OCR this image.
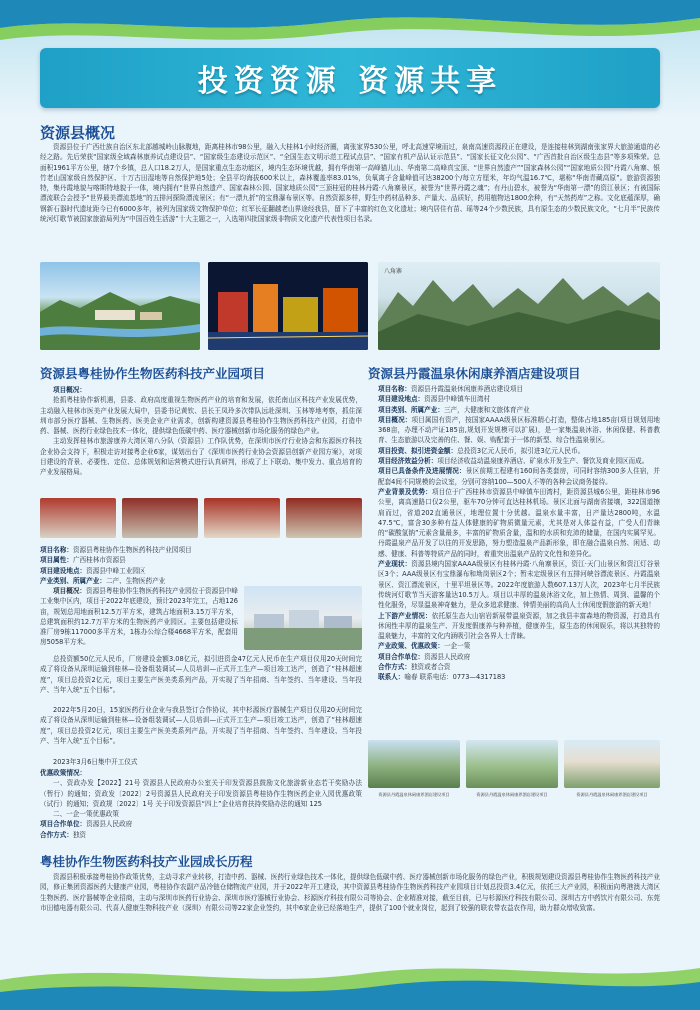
投资资源 资源共享
资源县概况
资源县位于广西壮族自治区东北部越城岭山脉腹地，距离桂林市98公里，融入大桂林1小时经济圈，离张家界530公里，呼北高速穿境而过，泉南高速资源段正在建设，是连接桂林到湖南张家界大旅游通道的必经之路。先后荣获“国家级全域森林康养试点建设县”、“国家级生态建设示范区”、“全国生态文明示范工程试点县”、“国家有机产品认证示范县”、“国家长征文化公园”、“广西首批自治区级生态县”等多项殊荣。总面积1961平方公里，辖7个乡镇，总人口18.2万人，是国家重点生态功能区，境内生态环境优越，拥有华南第一高峰猫儿山、华南第二高峰真宝顶、“世界自然遗产”“国家森林公园”“国家地质公园”丹霞八角寨、银竹老山国家级自然保护区、十万古田湿地等自然保护地5处；全县平均海拔600米以上，森林覆盖率83.01%，负氧离子含量峰值可达38200个/每立方厘米，年均气温16.7℃，堪称“华南青藏高原”。旅游资源独特，集丹霞地貌与喀斯特地貌于一体，境内拥有“世界自然遗产、国家森林公园、国家地质公园”三顶桂冠的桂林丹霞·八角寨景区，被誉为“世界丹霞之魂”；有丹山碧水，被誉为“华南第一漂”的资江景区；有被国际漂流联合会授予“世界最美漂流基地”的五排河探险漂流景区；有“一漂九折”的宝鼎瀑布景区等。自然资源多样，野生中药材品种多、产量大、品质好，药用植物达1800余种，有“天然药库”之称。文化底蕴深厚，确钢新石器时代遗址距今已有6000多年，被列为国家级文物保护单位；红军长征翻越老山界途经我县，留下了丰富的红色文化遗址；境内居住有苗、瑶等24个少数民族，具有原生态的少数民族文化，“七月半”民族传统河灯歌节被国家旅游局列为“中国百姓生活游”十大主题之一，入选第四批国家级非物质文化遗产代表性项目名录。
八角寨
资源县粤桂协作生物医药科技产业园项目
项目概况：
抢抓粤桂协作新机遇，县委、政府高度重视生物医药产业的培育和发展，依托南山区科技产业发展优势，主动融入桂林市医美产业发展大局中，县委书记黄钦、县长王凤玲多次带队远赴深圳、玉林等地考察，抓住深圳市部分医疗器械、生物医药、医美企业产业需求，创新构建资源县粤桂协作生物医药科技产业园，打造中药、器械、医药行业绿色技术一体化，提供绿色低碳中药、医疗器械创新市场化服务的绿色产业。
主动发挥桂林市旅游康养大湾区第八分队（资源县）工作队优势，在深圳市医疗行业协会和东源医疗科技企业协会支持下，积极走访对接粤企业6家，谋划出台了《深圳市医药行业协会资源县创新产业园方案》，对项目建设的背景、必要性、定位、总体规划和运营模式进行认真研判，形成了上下联动、集中发力、重点培育的产业发展格局。
项目名称：资源县粤桂协作生物医药科技产业园项目
项目属性：广西桂林市资源县
项目建设地点：资源县中峰工业园区
产业类别、所属产业：二产、生物医药产业
项目概况：资源县粤桂协作生物医药科技产业园位于资源县中峰工业集中区内，项目于2022年底建设，预计2023年完工，占地126亩，规划总用地面积12.5万平方米，建筑占地面积3.15万平方米，总建筑面积约12.7万平方米的生物医药产业园区。主要包括建设标准厂房9栋117000多平方米，1栋办公综合楼4668平方米，配套用房5058平方米。
总投资额50亿元人民币，厂房建设金额3.08亿元，拟引进资金47亿元人民币在生产项目仪用20天时间完成了将设备从深圳运输到桂林—设备组装调试—人员培训—正式开工生产—项目竣工达产，创造了“桂林超速度”，项目总投资2亿元，项目主要生产医美类系列产品，开实现了当年招商、当年签约、当年建设、当年投产、当年入统“五个目标”。
2022年5月20日，15家医药行业企业与我县签订合作协议，其中杉源医疗器械生产项目仅用20天时间完成了将设备从深圳运输到桂林—设备组装调试—人员培训—正式开工生产—项目竣工达产，创造了“桂林超速度”，项目总投资2亿元，项目主要生产医美类系列产品，开实现了当年招商、当年签约、当年建设、当年投产、当年入统“五个目标”。
2023年3月6日集中开工仪式
优惠政策情况：
一、资政办发【2022】21号 资源县人民政府办公室关于印发资源县鼓励文化旅游新业态若干奖励办法（暂行）的通知；资政发〔2022〕2号资源县人民政府关于印发资源县粤桂协作生物医药企业入园优惠政策（试行）的通知；资政规〔2022〕1号 关于印发资源县“四上”企业培育扶持奖励办法的通知 125
二、一企一策优惠政策
项目合作单位：资源县人民政府
合作方式：独资
资源县丹霞温泉休闲康养酒店建设项目
项目名称：资源县丹霞温泉休闲康养酒店建设项目
项目建设地点：资源县中峰镇车田湾村
项目类别、所属产业：三产，大健康和文旅体育产业
项目概况：项目属国有资产，按国家AAAA级景区标准精心打造，整体占地185亩(项目规划用地368亩，办理不动产证185亩,规划开发规模可以扩展)，是一家集温泉沐浴、休闲保健、科普教育、生态旅游以及完善的住、餐、娱、购配套于一体的新型、综合性温泉景区。
项目投资、拟引进资金额：总投资3亿元人民币，拟引进3亿元人民币。
项目经济效益分析：项目经济收益动温泉康养酒店、矿泉水开发生产、餐饮及商业园区而成。
项目已具备条件及进展情况：景区前期工程建有160间各类套房，可同时容纳300多人住宿，并配套4间不同规模的会议室，分别可容纳100—500人不等的各种会议商务接待。
产业背景及优势：项目位于广西桂林市资源县中峰镇车田湾村，距资源县城6公里，距桂林市96公里，离高速路口仅2公里，驱车70分钟可直达桂林机场。景区北面与湖南省接壤，322国道擦肩而过，省道202直通景区，地理位置十分优越。温泉水量丰富，日产量达2800吨，水温47.5℃，富含30多种有益人体健康的矿物质微量元素，尤其是对人体益有益，广受人们青睐的“碳酸氢钠”元素含量最多，丰富的矿物质含量，温和的水质和充沛的储量，在国内实属罕见。丹霞温泉产品开发了以往的开发思路，努力塑造温泉产品新形象，即在融合温泉自然、闲适、动感、健康、科普等特质产品的同时，着重突出温泉产品的文化性和差异化。
产业现状：资源县境内国家AAAA级景区有桂林丹霞·八角寨景区，资江·天门山景区和资江灯谷景区3个；AAA级景区有宝鼎瀑布和坳岗景区2个；暂未定级景区有五排河峡谷漂流景区、丹霞温泉景区、资江漂流景区，十里平坦景区等。2022年度旅游人数607.13万人次，2023年七月半民族传统河灯歌节当天游客量达10.5万人。项目以丰厚的温泉沐浴文化，加上热情、周到、温馨的个性化服务，尽显温泉神奇魅力，是众多追求健康、钟情美丽的高尚人士休闲度假旅游的新天地！
上下游产业情况：依托原生态大山宿岩新展带温泉资源，加之我县丰富森地的物资源，打造具有休闲性丰厚的温泉生产、开发度假康养与种养植，健康养生，原生态的休闲娱乐，将以其独特的温泉魅力，丰富的文化内涵吸引社会各界人士青睐。
产业政策、优惠政策：一企一策
项目合作单位：资源县人民政府
合作方式：独资或者合资
联系人：喻春 联系电话：0773—4317183
资源县丹霞温泉休闲康养酒店建设项目	资源县丹霞温泉休闲康养酒店建设项目	资源县丹霞温泉休闲康养酒店建设项目
粤桂协作生物医药科技产业园成长历程
资源县积极承接粤桂协作政策优势，主动寻求产业转移，打造中药、器械、医药行业绿色技术一体化，提供绿色低碳中药、医疗器械创新市场化服务的绿色产业，积极规划建设资源县粤桂协作生物医药科技产业园，修正集团资源医药大健康产业园，粤桂协作农副产品冷链仓储物流产业园，并于2022年开工建设，其中资源县粤桂协作生物医药科技产业园项目计划总投资3.4亿元，依托三大产业园，积极面向粤港澳大湾区生物医药、医疗器械等企业招商，主动与深圳市医药行业协会、深圳市医疗器械行业协会、杉源医疗科技有限公司等协会、企业精准对接，截至目前，已与杉源医疗科技有限公司、深圳古方中药饮片有限公司、东莞市田德电器有限公司、代喜人健康生物科技产业（深圳）有限公司等22家企业签约，其中6家企业已经落地生产，提供了100个就业岗位，起到了较强的联农带农益农作用，助力群众增收致富。
